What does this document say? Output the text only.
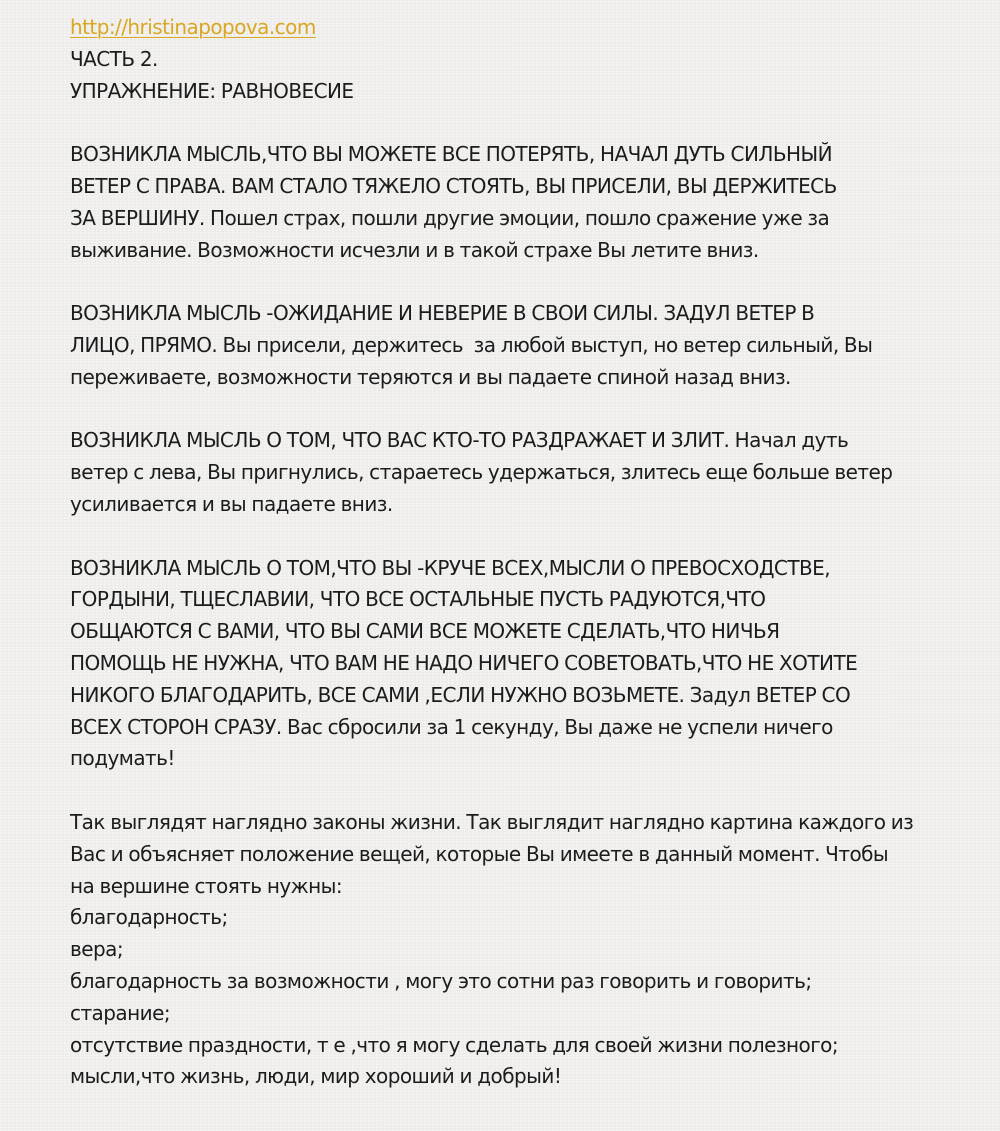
http://hristinapopova.com
ЧАСТЬ 2.
УПРАЖНЕНИЕ: РАВНОВЕСИЕ
ВОЗНИКЛА МЫСЛЬ,ЧТО ВЫ МОЖЕТЕ ВСЕ ПОТЕРЯТЬ, НАЧАЛ ДУТЬ СИЛЬНЫЙ
ВЕТЕР С ПРАВА. ВАМ СТАЛО ТЯЖЕЛО СТОЯТЬ, ВЫ ПРИСЕЛИ, ВЫ ДЕРЖИТЕСЬ
ЗА ВЕРШИНУ. Пошел страх, пошли другие эмоции, пошло сражение уже за
выживание. Возможности исчезли и в такой страхе Вы летите вниз.
ВОЗНИКЛА МЫСЛЬ -ОЖИДАНИЕ И НЕВЕРИЕ В СВОИ СИЛЫ. ЗАДУЛ ВЕТЕР В
ЛИЦО, ПРЯМО. Вы присели, держитесь  за любой выступ, но ветер сильный, Вы
переживаете, возможности теряются и вы падаете спиной назад вниз.
ВОЗНИКЛА МЫСЛЬ О ТОМ, ЧТО ВАС КТО-ТО РАЗДРАЖАЕТ И ЗЛИТ. Начал дуть
ветер с лева, Вы пригнулись, стараетесь удержаться, злитесь еще больше ветер
усиливается и вы падаете вниз.
ВОЗНИКЛА МЫСЛЬ О ТОМ,ЧТО ВЫ -КРУЧЕ ВСЕХ,МЫСЛИ О ПРЕВОСХОДСТВЕ,
ГОРДЫНИ, ТЩЕСЛАВИИ, ЧТО ВСЕ ОСТАЛЬНЫЕ ПУСТЬ РАДУЮТСЯ,ЧТО
ОБЩАЮТСЯ С ВАМИ, ЧТО ВЫ САМИ ВСЕ МОЖЕТЕ СДЕЛАТЬ,ЧТО НИЧЬЯ
ПОМОЩЬ НЕ НУЖНА, ЧТО ВАМ НЕ НАДО НИЧЕГО СОВЕТОВАТЬ,ЧТО НЕ ХОТИТЕ
НИКОГО БЛАГОДАРИТЬ, ВСЕ САМИ ,ЕСЛИ НУЖНО ВОЗЬМЕТЕ. Задул ВЕТЕР СО
ВСЕХ СТОРОН СРАЗУ. Вас сбросили за 1 секунду, Вы даже не успели ничего
подумать!
Так выглядят наглядно законы жизни. Так выглядит наглядно картина каждого из
Вас и объясняет положение вещей, которые Вы имеете в данный момент. Чтобы
на вершине стоять нужны:
благодарность;
вера;
благодарность за возможности , могу это сотни раз говорить и говорить;
старание;
отсутствие праздности, т е ,что я могу сделать для своей жизни полезного;
мысли,что жизнь, люди, мир хороший и добрый!
